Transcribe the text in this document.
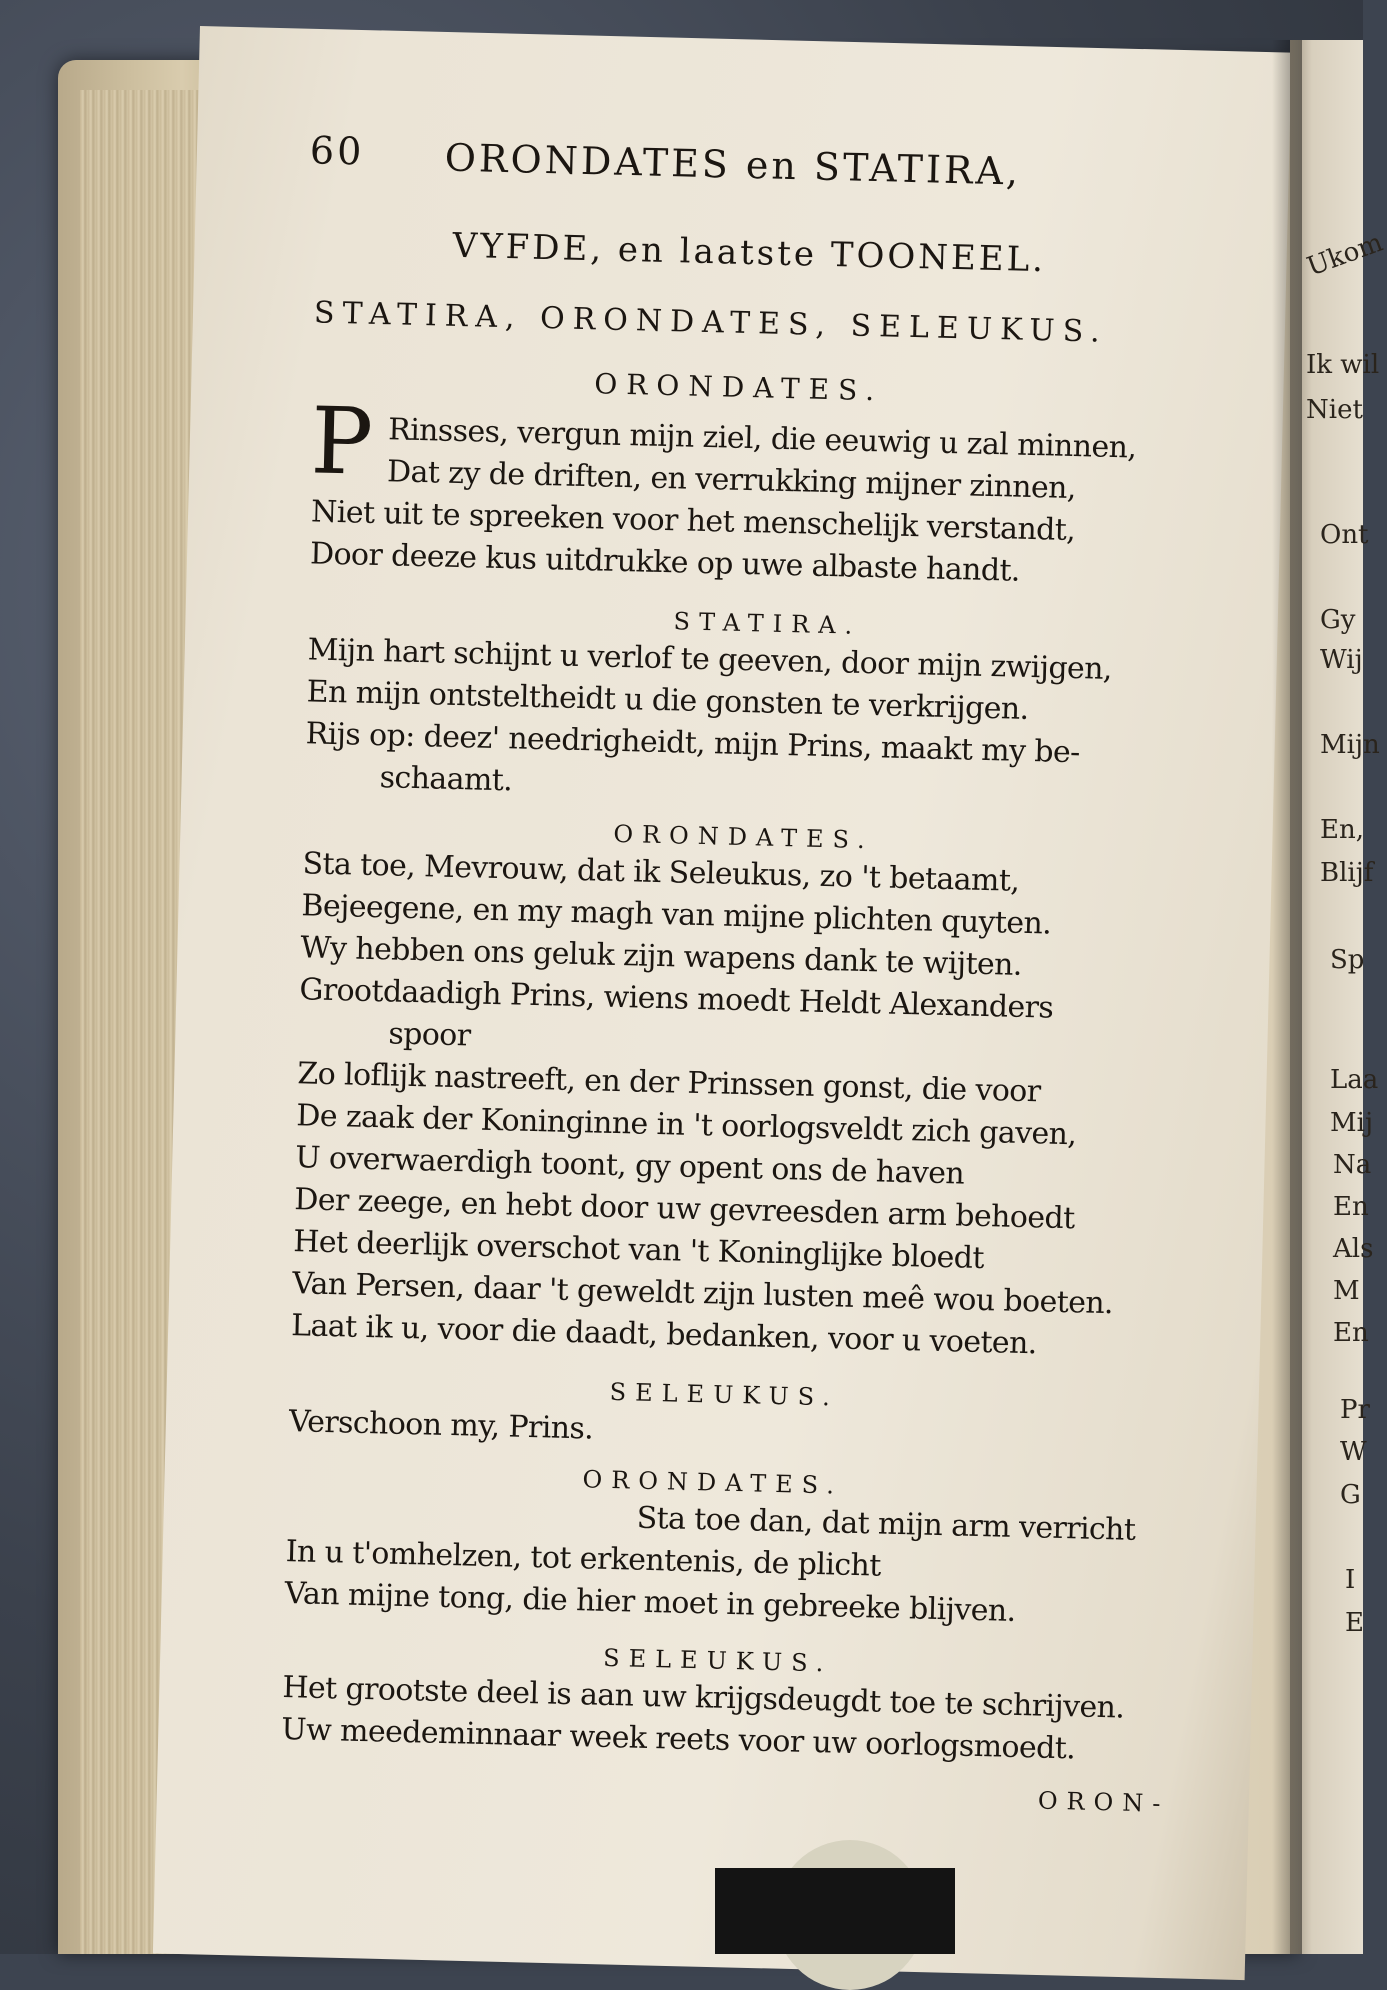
60 ORONDATES en STATIRA,
VYFDE, en laatste TOONEEL.
STATIRA, ORONDATES, SELEUKUS.
ORONDATES.
P Rinsses, vergun mijn ziel, die eeuwig u zal minnen,
Dat zy de driften, en verrukking mijner zinnen,
Niet uit te spreeken voor het menschelijk verstandt,
Door deeze kus uitdrukke op uwe albaste handt.
STATIRA.
Mijn hart schijnt u verlof te geeven, door mijn zwijgen,
En mijn ontsteltheidt u die gonsten te verkrijgen.
Rijs op: deez' needrigheidt, mijn Prins, maakt my be-
schaamt.
ORONDATES.
Sta toe, Mevrouw, dat ik Seleukus, zo 't betaamt,
Bejeegene, en my magh van mijne plichten quyten.
Wy hebben ons geluk zijn wapens dank te wijten.
Grootdaadigh Prins, wiens moedt Heldt Alexanders
spoor
Zo loflijk nastreeft, en der Prinssen gonst, die voor
De zaak der Koninginne in 't oorlogsveldt zich gaven,
U overwaerdigh toont, gy opent ons de haven
Der zeege, en hebt door uw gevreesden arm behoedt
Het deerlijk overschot van 't Koninglijke bloedt
Van Persen, daar 't geweldt zijn lusten meê wou boeten.
Laat ik u, voor die daadt, bedanken, voor u voeten.
SELEUKUS.
Verschoon my, Prins.
ORONDATES.
Sta toe dan, dat mijn arm verricht
In u t'omhelzen, tot erkentenis, de plicht
Van mijne tong, die hier moet in gebreeke blijven.
SELEUKUS.
Het grootste deel is aan uw krijgsdeugdt toe te schrijven.
Uw meedeminnaar week reets voor uw oorlogsmoedt.
ORON-
Ukom
Ik wil
Niet
Ont
Gy
Wij
Mijn
En,
Blijf
Sp
Laa
Mij
Na
En
Als
M
En
Pr
W
G
I
E
